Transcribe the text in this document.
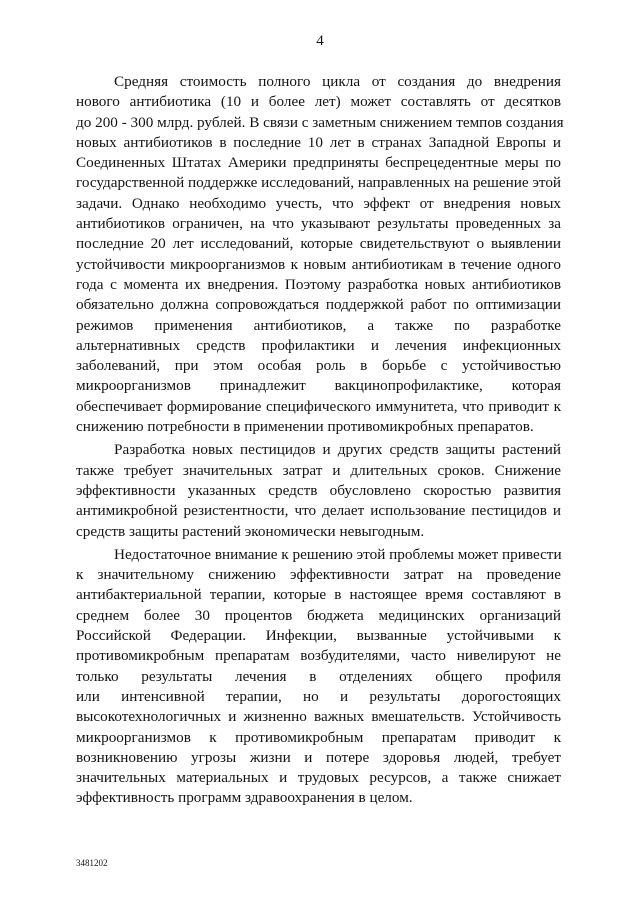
4
Средняя стоимость полного цикла от создания до внедрения
нового антибиотика (10 и более лет) может составлять от десятков
до 200 - 300 млрд. рублей. В связи с заметным снижением темпов создания
новых антибиотиков в последние 10 лет в странах Западной Европы и
Соединенных Штатах Америки предприняты беспрецедентные меры по
государственной поддержке исследований, направленных на решение этой
задачи. Однако необходимо учесть, что эффект от внедрения новых
антибиотиков ограничен, на что указывают результаты проведенных за
последние 20 лет исследований, которые свидетельствуют о выявлении
устойчивости микроорганизмов к новым антибиотикам в течение одного
года с момента их внедрения. Поэтому разработка новых антибиотиков
обязательно должна сопровождаться поддержкой работ по оптимизации
режимов применения антибиотиков, а также по разработке
альтернативных средств профилактики и лечения инфекционных
заболеваний, при этом особая роль в борьбе с устойчивостью
микроорганизмов принадлежит вакцинопрофилактике, которая
обеспечивает формирование специфического иммунитета, что приводит к
снижению потребности в применении противомикробных препаратов.
Разработка новых пестицидов и других средств защиты растений
также требует значительных затрат и длительных сроков. Снижение
эффективности указанных средств обусловлено скоростью развития
антимикробной резистентности, что делает использование пестицидов и
средств защиты растений экономически невыгодным.
Недостаточное внимание к решению этой проблемы может привести
к значительному снижению эффективности затрат на проведение
антибактериальной терапии, которые в настоящее время составляют в
среднем более 30 процентов бюджета медицинских организаций
Российской Федерации. Инфекции, вызванные устойчивыми к
противомикробным препаратам возбудителями, часто нивелируют не
только результаты лечения в отделениях общего профиля
или интенсивной терапии, но и результаты дорогостоящих
высокотехнологичных и жизненно важных вмешательств. Устойчивость
микроорганизмов к противомикробным препаратам приводит к
возникновению угрозы жизни и потере здоровья людей, требует
значительных материальных и трудовых ресурсов, а также снижает
эффективность программ здравоохранения в целом.
3481202
